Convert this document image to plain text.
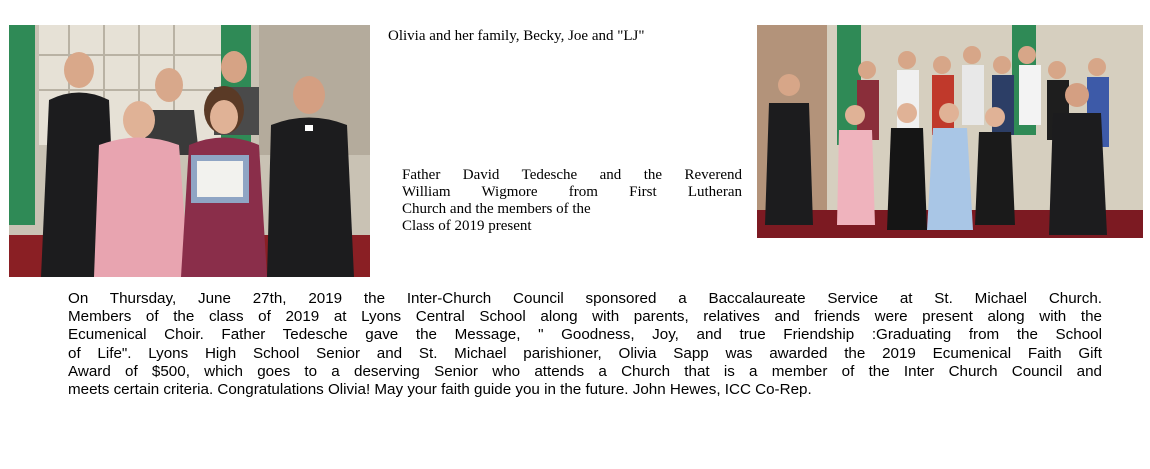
Olivia and her family, Becky, Joe and "LJ"
Father David Tedesche and the Reverend
William Wigmore from First Lutheran
Church and the members of the
Class of 2019 present
On Thursday, June 27th, 2019 the Inter-Church Council sponsored a Baccalaureate Service at St. Michael Church.
Members of the class of 2019 at Lyons Central School along with parents, relatives and friends were present along with the
Ecumenical Choir. Father Tedesche gave the Message, " Goodness, Joy, and true Friendship :Graduating from the School
of Life". Lyons High School Senior and St. Michael parishioner, Olivia Sapp was awarded the 2019 Ecumenical Faith Gift
Award of $500, which goes to a deserving Senior who attends a Church that is a member of the Inter Church Council and
meets certain criteria. Congratulations Olivia! May your faith guide you in the future. John Hewes, ICC Co-Rep.
